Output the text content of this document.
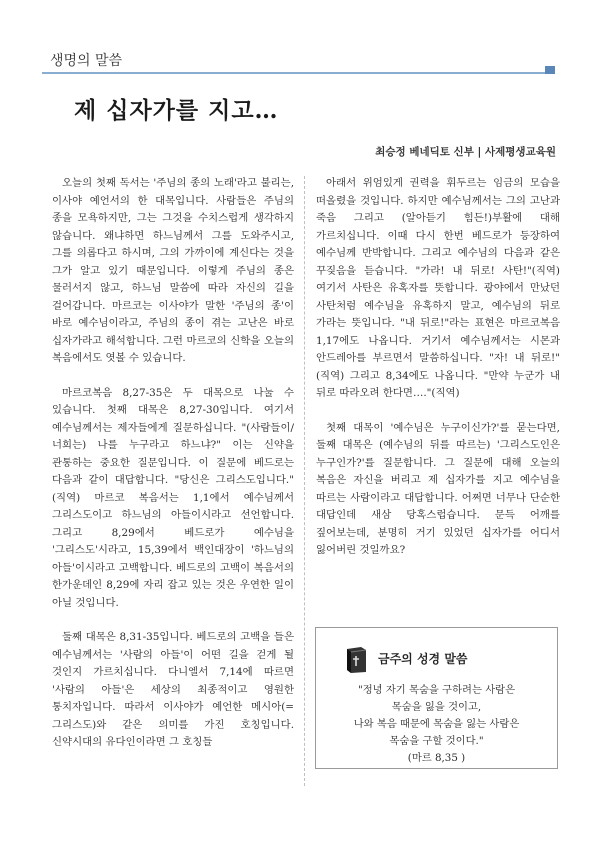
생명의 말씀
제 십자가를 지고…
최승정 베네딕토 신부 | 사제평생교육원

오늘의 첫째 독서는 '주님의 종의 노래'라고 불리는, 이사야 예언서의 한 대목입니다. 사람들은 주님의 종을 모욕하지만, 그는 그것을 수치스럽게 생각하지 않습니다. 왜냐하면 하느님께서 그를 도와주시고, 그를 의롭다고 하시며, 그의 가까이에 계신다는 것을 그가 알고 있기 때문입니다. 이렇게 주님의 종은 물러서지 않고, 하느님 말씀에 따라 자신의 길을 걸어갑니다. 마르코는 이사야가 말한 '주님의 종'이 바로 예수님이라고, 주님의 종이 겪는 고난은 바로 십자가라고 해석합니다. 그런 마르코의 신학을 오늘의 복음에서도 엿볼 수 있습니다.

마르코복음 8,27-35은 두 대목으로 나눌 수 있습니다. 첫째 대목은 8,27-30입니다. 여기서 예수님께서는 제자들에게 질문하십니다. "(사람들이/너희는) 나를 누구라고 하느냐?" 이는 신약을 관통하는 중요한 질문입니다. 이 질문에 베드로는 다음과 같이 대답합니다. "당신은 그리스도입니다."(직역) 마르코 복음서는 1,1에서 예수님께서 그리스도이고 하느님의 아들이시라고 선언합니다. 그리고 8,29에서 베드로가 예수님을 '그리스도'시라고, 15,39에서 백인대장이 '하느님의 아들'이시라고 고백합니다. 베드로의 고백이 복음서의 한가운데인 8,29에 자리 잡고 있는 것은 우연한 일이 아닐 것입니다.

둘째 대목은 8,31-35입니다. 베드로의 고백을 들은 예수님께서는 '사람의 아들'이 어떤 길을 걷게 될 것인지 가르치십니다. 다니엘서 7,14에 따르면 '사람의 아들'은 세상의 최종적이고 영원한 통치자입니다. 따라서 이사야가 예언한 메시아(=그리스도)와 같은 의미를 가진 호칭입니다. 신약시대의 유다인이라면 그 호칭들

아래서 위엄있게 권력을 휘두르는 임금의 모습을 떠올렸을 것입니다. 하지만 예수님께서는 그의 고난과 죽음 그리고 (알아듣기 힘든!)부활에 대해 가르치십니다. 이때 다시 한번 베드로가 등장하여 예수님께 반박합니다. 그리고 예수님의 다음과 같은 꾸짖음을 듣습니다. "가라! 내 뒤로! 사탄!"(직역) 여기서 사탄은 유혹자를 뜻합니다. 광야에서 만났던 사탄처럼 예수님을 유혹하지 말고, 예수님의 뒤로 가라는 뜻입니다. "내 뒤로!"라는 표현은 마르코복음 1,17에도 나옵니다. 거기서 예수님께서는 시몬과 안드레아를 부르면서 말씀하십니다. "자! 내 뒤로!"(직역) 그리고 8,34에도 나옵니다. "만약 누군가 내 뒤로 따라오려 한다면…."(직역)

첫째 대목이 '예수님은 누구이신가?'를 묻는다면, 둘째 대목은 (예수님의 뒤를 따르는) '그리스도인은 누구인가?'를 질문합니다. 그 질문에 대해 오늘의 복음은 자신을 버리고 제 십자가를 지고 예수님을 따르는 사람이라고 대답합니다. 어쩌면 너무나 단순한 대답인데 새삼 당혹스럽습니다. 문득 어깨를 짚어보는데, 분명히 거기 있었던 십자가를 어디서 잃어버린 것일까요?

금주의 성경 말씀
"정녕 자기 목숨을 구하려는 사람은
목숨을 잃을 것이고,
나와 복음 때문에 목숨을 잃는 사람은
목숨을 구할 것이다."
(마르 8,35 )
